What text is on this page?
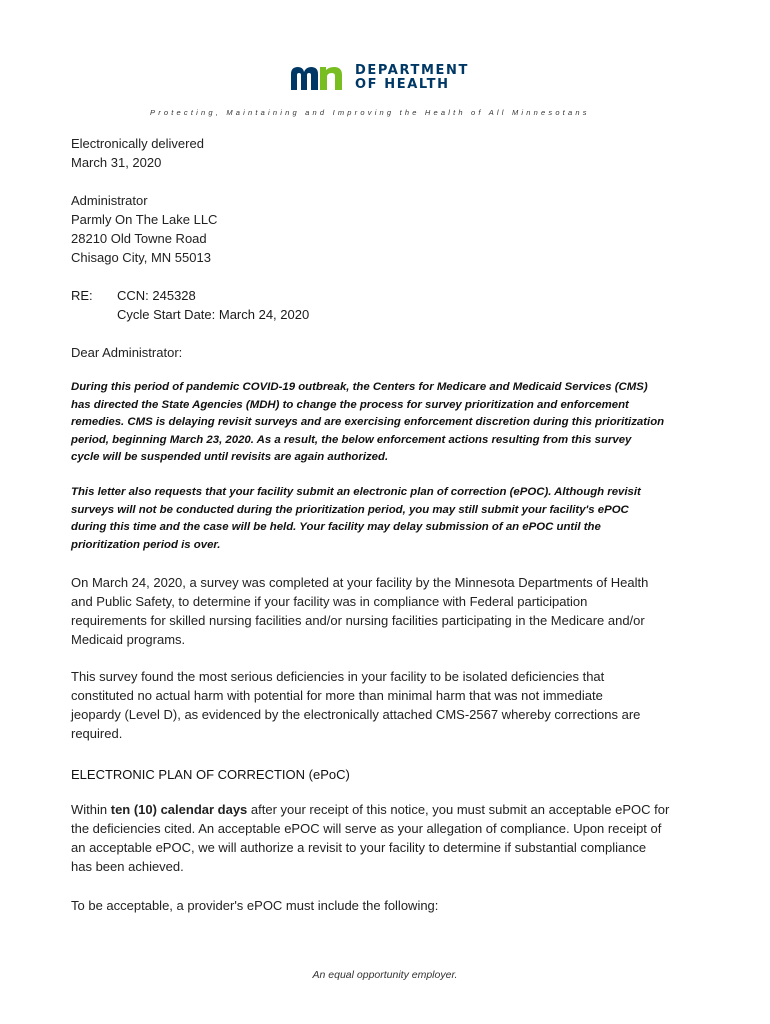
DEPARTMENT
OF HEALTH
Protecting, Maintaining and Improving the Health of All Minnesotans
Electronically delivered
March 31, 2020
Administrator
Parmly On The Lake LLC
28210 Old Towne Road
Chisago City, MN 55013
RE: CCN: 245328
Cycle Start Date: March 24, 2020
Dear Administrator:
During this period of pandemic COVID-19 outbreak, the Centers for Medicare and Medicaid Services (CMS)
has directed the State Agencies (MDH) to change the process for survey prioritization and enforcement
remedies. CMS is delaying revisit surveys and are exercising enforcement discretion during this prioritization
period, beginning March 23, 2020. As a result, the below enforcement actions resulting from this survey
cycle will be suspended until revisits are again authorized.
This letter also requests that your facility submit an electronic plan of correction (ePOC). Although revisit
surveys will not be conducted during the prioritization period, you may still submit your facility's ePOC
during this time and the case will be held. Your facility may delay submission of an ePOC until the
prioritization period is over.
On March 24, 2020, a survey was completed at your facility by the Minnesota Departments of Health
and Public Safety, to determine if your facility was in compliance with Federal participation
requirements for skilled nursing facilities and/or nursing facilities participating in the Medicare and/or
Medicaid programs.
This survey found the most serious deficiencies in your facility to be isolated deficiencies that
constituted no actual harm with potential for more than minimal harm that was not immediate
jeopardy (Level D), as evidenced by the electronically attached CMS-2567 whereby corrections are
required.
ELECTRONIC PLAN OF CORRECTION (ePoC)
Within ten (10) calendar days after your receipt of this notice, you must submit an acceptable ePOC for
the deficiencies cited. An acceptable ePOC will serve as your allegation of compliance. Upon receipt of
an acceptable ePOC, we will authorize a revisit to your facility to determine if substantial compliance
has been achieved.
To be acceptable, a provider's ePOC must include the following:
An equal opportunity employer.
